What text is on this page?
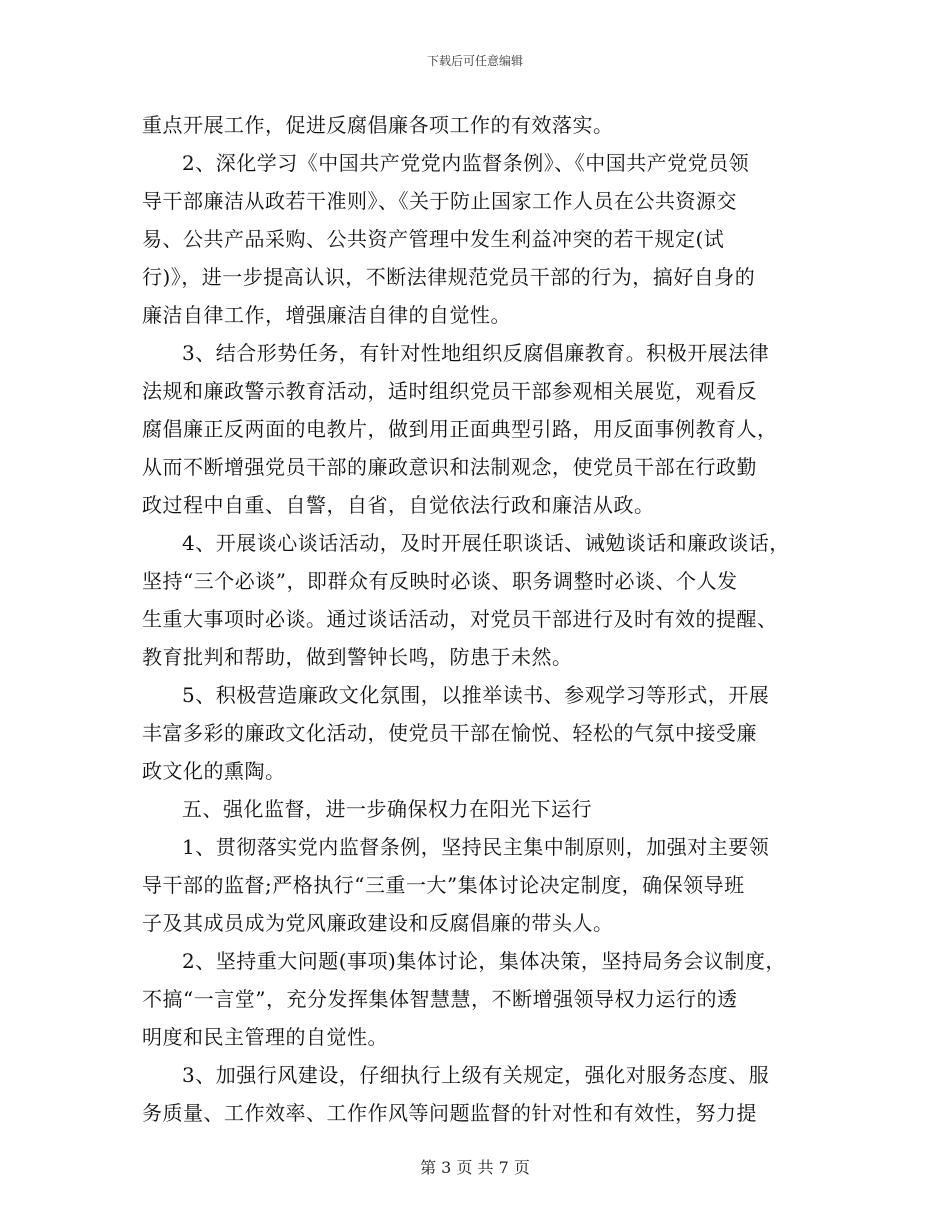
下载后可任意编辑
重点开展工作，促进反腐倡廉各项工作的有效落实。
2、深化学习《中国共产党党内监督条例》、《中国共产党党员领
导干部廉洁从政若干准则》、《关于防止国家工作人员在公共资源交
易、公共产品采购、公共资产管理中发生利益冲突的若干规定(试
行)》，进一步提高认识，不断法律规范党员干部的行为，搞好自身的
廉洁自律工作，增强廉洁自律的自觉性。
3、结合形势任务，有针对性地组织反腐倡廉教育。积极开展法律
法规和廉政警示教育活动，适时组织党员干部参观相关展览，观看反
腐倡廉正反两面的电教片，做到用正面典型引路，用反面事例教育人，
从而不断增强党员干部的廉政意识和法制观念，使党员干部在行政勤
政过程中自重、自警，自省，自觉依法行政和廉洁从政。
4、开展谈心谈话活动，及时开展任职谈话、诫勉谈话和廉政谈话，
坚持“三个必谈”，即群众有反映时必谈、职务调整时必谈、个人发
生重大事项时必谈。通过谈话活动，对党员干部进行及时有效的提醒、
教育批判和帮助，做到警钟长鸣，防患于未然。
5、积极营造廉政文化氛围，以推举读书、参观学习等形式，开展
丰富多彩的廉政文化活动，使党员干部在愉悦、轻松的气氛中接受廉
政文化的熏陶。
五、强化监督，进一步确保权力在阳光下运行
1、贯彻落实党内监督条例，坚持民主集中制原则，加强对主要领
导干部的监督;严格执行“三重一大”集体讨论决定制度，确保领导班
子及其成员成为党风廉政建设和反腐倡廉的带头人。
2、坚持重大问题(事项)集体讨论，集体决策，坚持局务会议制度，
不搞“一言堂”，充分发挥集体智慧慧，不断增强领导权力运行的透
明度和民主管理的自觉性。
3、加强行风建设，仔细执行上级有关规定，强化对服务态度、服
务质量、工作效率、工作作风等问题监督的针对性和有效性，努力提
第 3 页 共 7 页
